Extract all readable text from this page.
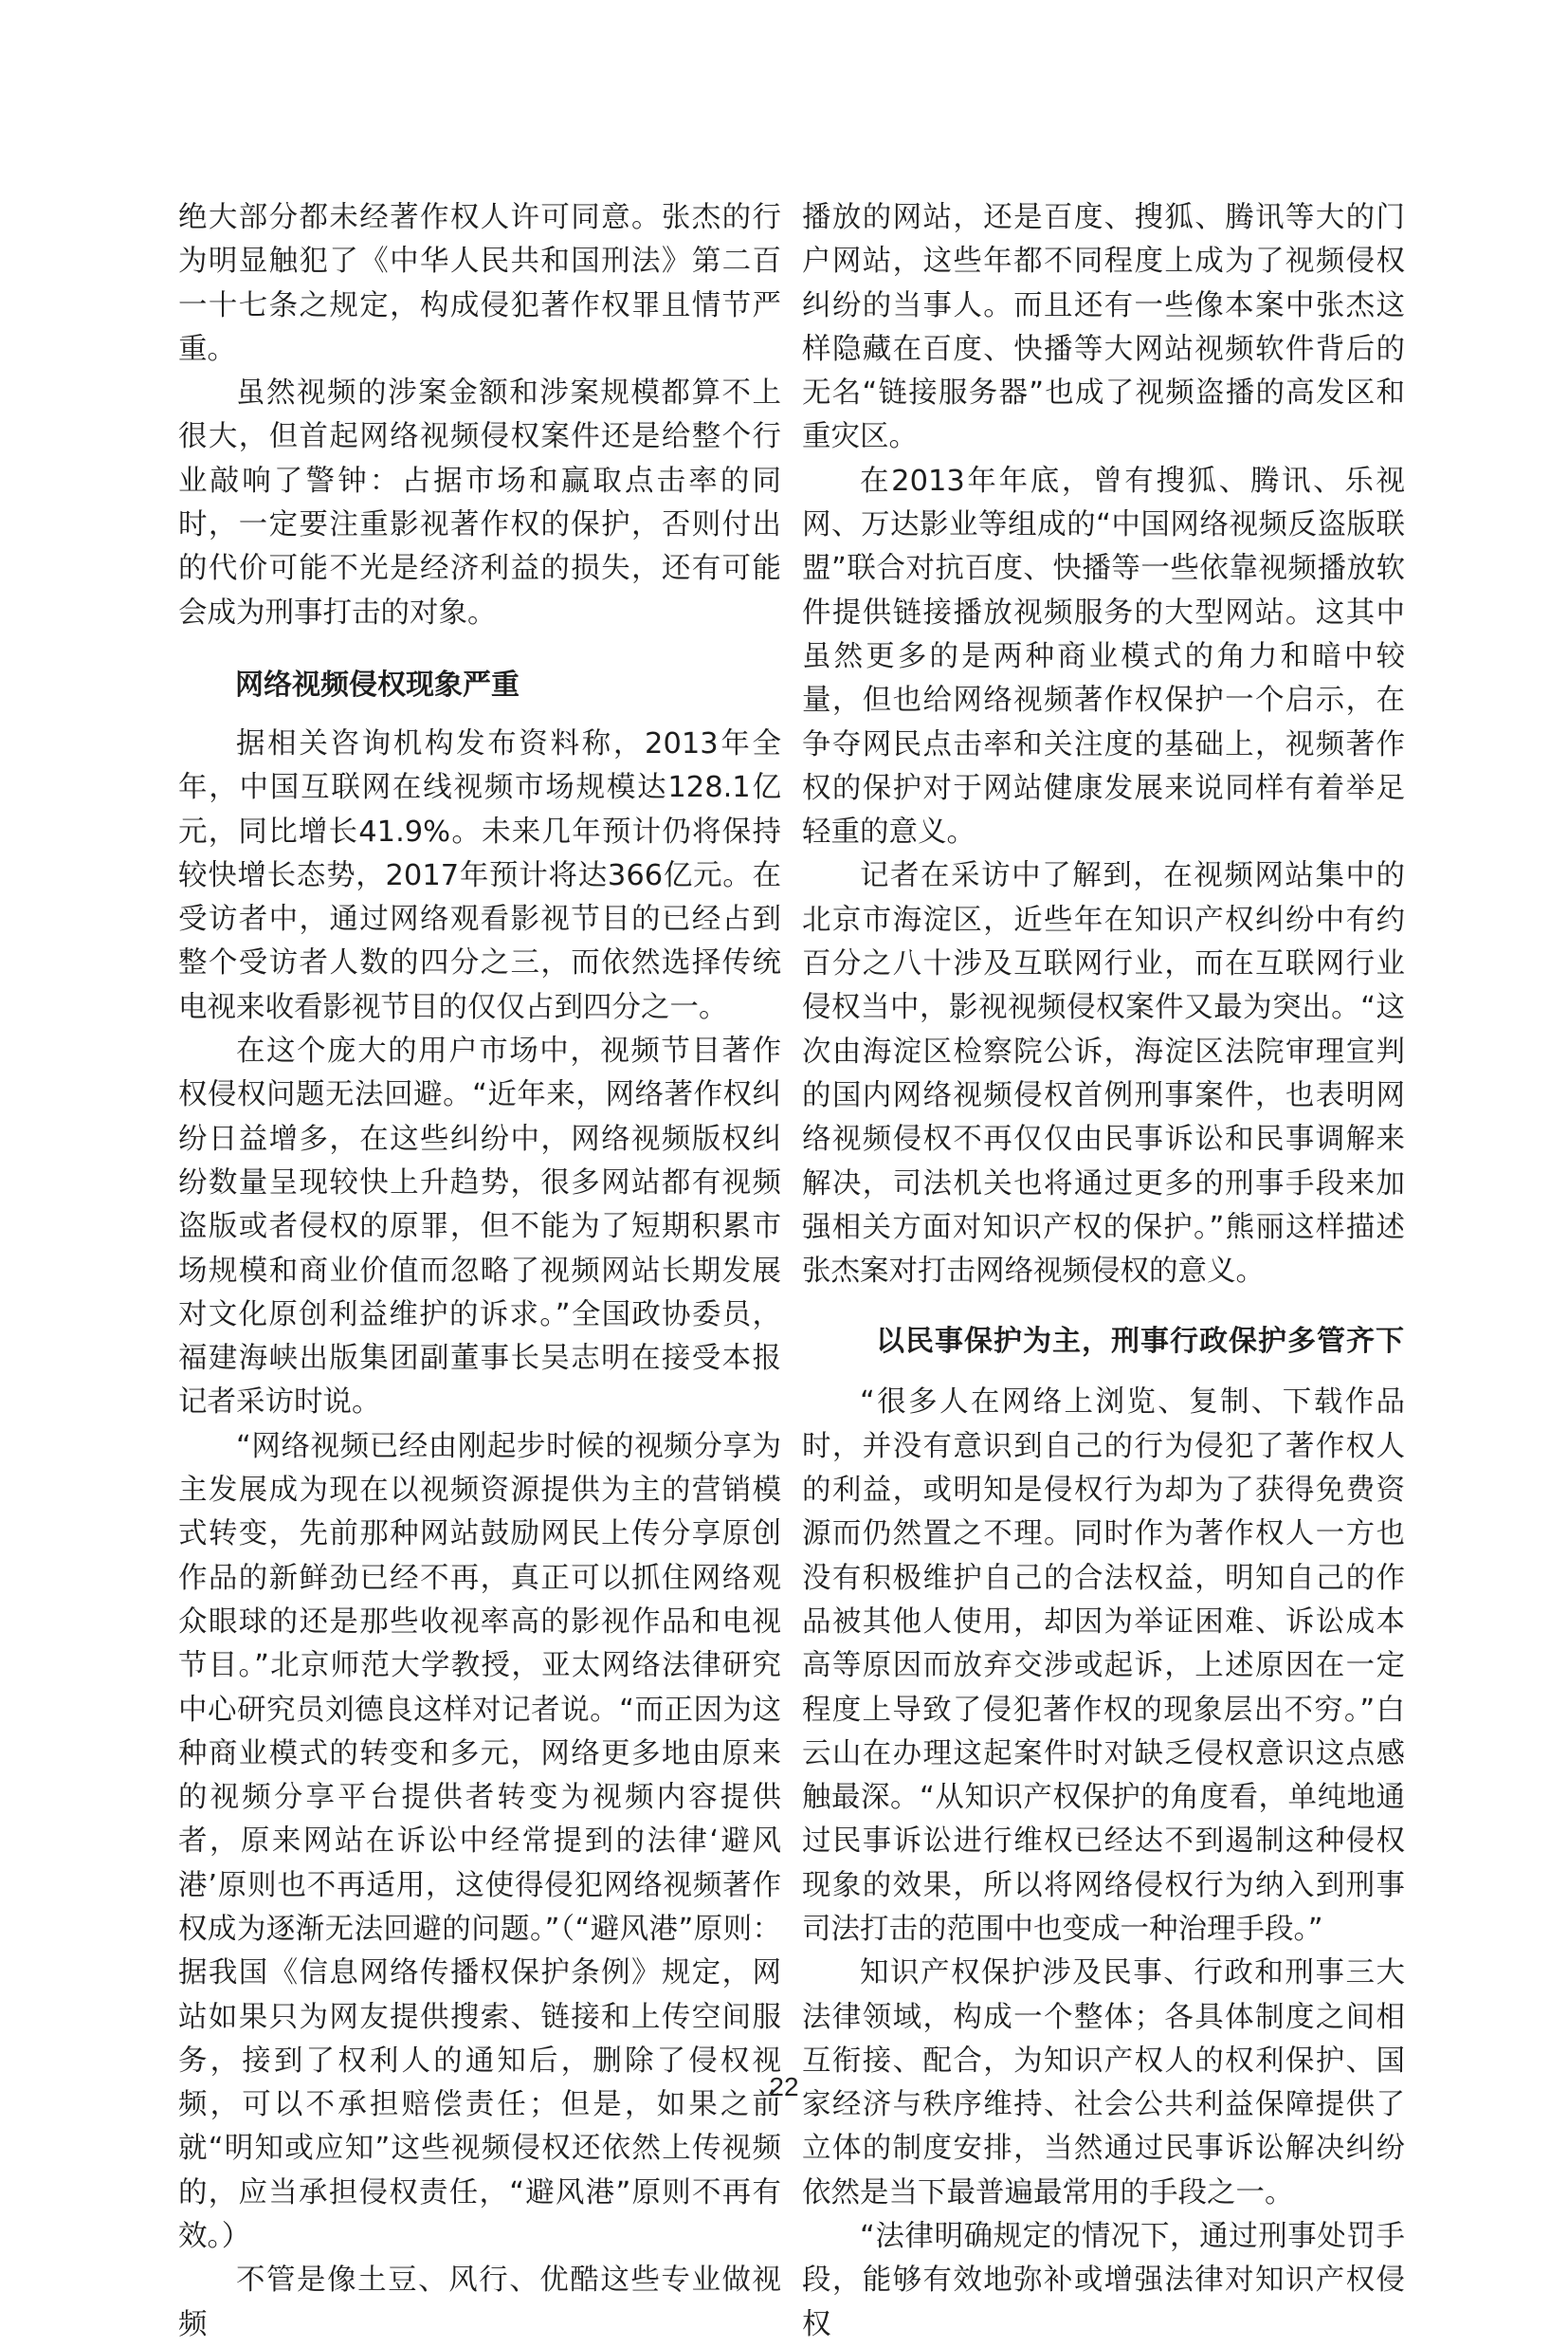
绝大部分都未经著作权人许可同意。张杰的行为明显触犯了《中华人民共和国刑法》第二百一十七条之规定，构成侵犯著作权罪且情节严重。

虽然视频的涉案金额和涉案规模都算不上很大，但首起网络视频侵权案件还是给整个行业敲响了警钟：占据市场和赢取点击率的同时，一定要注重影视著作权的保护，否则付出的代价可能不光是经济利益的损失，还有可能会成为刑事打击的对象。

网络视频侵权现象严重

据相关咨询机构发布资料称，2013年全年，中国互联网在线视频市场规模达128.1亿元，同比增长41.9%。未来几年预计仍将保持较快增长态势，2017年预计将达366亿元。在受访者中，通过网络观看影视节目的已经占到整个受访者人数的四分之三，而依然选择传统电视来收看影视节目的仅仅占到四分之一。

在这个庞大的用户市场中，视频节目著作权侵权问题无法回避。“近年来，网络著作权纠纷日益增多，在这些纠纷中，网络视频版权纠纷数量呈现较快上升趋势，很多网站都有视频盗版或者侵权的原罪，但不能为了短期积累市场规模和商业价值而忽略了视频网站长期发展对文化原创利益维护的诉求。”全国政协委员，福建海峡出版集团副董事长吴志明在接受本报记者采访时说。

“网络视频已经由刚起步时候的视频分享为主发展成为现在以视频资源提供为主的营销模式转变，先前那种网站鼓励网民上传分享原创作品的新鲜劲已经不再，真正可以抓住网络观众眼球的还是那些收视率高的影视作品和电视节目。”北京师范大学教授，亚太网络法律研究中心研究员刘德良这样对记者说。“而正因为这种商业模式的转变和多元，网络更多地由原来的视频分享平台提供者转变为视频内容提供者，原来网站在诉讼中经常提到的法律‘避风港’原则也不再适用，这使得侵犯网络视频著作权成为逐渐无法回避的问题。”（“避风港”原则：据我国《信息网络传播权保护条例》规定，网站如果只为网友提供搜索、链接和上传空间服务，接到了权利人的通知后，删除了侵权视频，可以不承担赔偿责任；但是，如果之前就“明知或应知”这些视频侵权还依然上传视频的，应当承担侵权责任，“避风港”原则不再有效。）

不管是像土豆、风行、优酷这些专业做视频

播放的网站，还是百度、搜狐、腾讯等大的门户网站，这些年都不同程度上成为了视频侵权纠纷的当事人。而且还有一些像本案中张杰这样隐藏在百度、快播等大网站视频软件背后的无名“链接服务器”也成了视频盗播的高发区和重灾区。

在2013年年底，曾有搜狐、腾讯、乐视网、万达影业等组成的“中国网络视频反盗版联盟”联合对抗百度、快播等一些依靠视频播放软件提供链接播放视频服务的大型网站。这其中虽然更多的是两种商业模式的角力和暗中较量，但也给网络视频著作权保护一个启示，在争夺网民点击率和关注度的基础上，视频著作权的保护对于网站健康发展来说同样有着举足轻重的意义。

记者在采访中了解到，在视频网站集中的北京市海淀区，近些年在知识产权纠纷中有约百分之八十涉及互联网行业，而在互联网行业侵权当中，影视视频侵权案件又最为突出。“这次由海淀区检察院公诉，海淀区法院审理宣判的国内网络视频侵权首例刑事案件，也表明网络视频侵权不再仅仅由民事诉讼和民事调解来解决，司法机关也将通过更多的刑事手段来加强相关方面对知识产权的保护。”熊丽这样描述张杰案对打击网络视频侵权的意义。

以民事保护为主，刑事行政保护多管齐下

“很多人在网络上浏览、复制、下载作品时，并没有意识到自己的行为侵犯了著作权人的利益，或明知是侵权行为却为了获得免费资源而仍然置之不理。同时作为著作权人一方也没有积极维护自己的合法权益，明知自己的作品被其他人使用，却因为举证困难、诉讼成本高等原因而放弃交涉或起诉，上述原因在一定程度上导致了侵犯著作权的现象层出不穷。”白云山在办理这起案件时对缺乏侵权意识这点感触最深。“从知识产权保护的角度看，单纯地通过民事诉讼进行维权已经达不到遏制这种侵权现象的效果，所以将网络侵权行为纳入到刑事司法打击的范围中也变成一种治理手段。”

知识产权保护涉及民事、行政和刑事三大法律领域，构成一个整体；各具体制度之间相互衔接、配合，为知识产权人的权利保护、国家经济与秩序维持、社会公共利益保障提供了立体的制度安排，当然通过民事诉讼解决纠纷依然是当下最普遍最常用的手段之一。

“法律明确规定的情况下，通过刑事处罚手段，能够有效地弥补或增强法律对知识产权侵权

22
